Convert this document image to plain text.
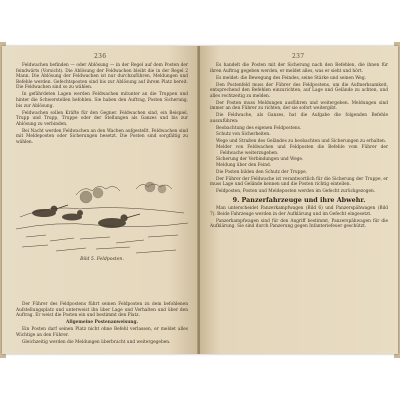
236

Feldwachen befinden — oder Ablösung — in der Regel auf dem Posten der feindwärts (Vorsicht). Die Ablösung der Feldwachen bleibt die in der Regel 2 Mann. Die Ablösung der Feldwachen ist nur durchzuführen, Meldungen und Befehle werden. Gefechtsposten sind bis zur Ablösung auf ihrem Platz bereit. Die Feldwachen sind so zu wählen.

In gefährdeten Lagen werden Feldwachen mitunter an die Truppen und hinter die Schwerstellen befohlen. Sie haben den Auftrag, Posten Sicherung, bis zur Ablösung.

Feldwachen sollen Kräfte für den Gegner. Feldwachen sind, ein Beispiel, Trupp und Trupp, Truppe oder der Stellungen als Ganzes und bis zur Ablösung zu verbinden.

Bei Nacht werden Feldwachen an den Wachen aufgestellt. Feldwachen sind mit Meldeposten oder Sicherungen besetzt. Die Posten sind sorgfältig zu wählen.

Bild 5. Feldposten.

Der Führer des Feldpostens führt seinen Feldposten zu dem befohlenen Aufstellungsplatz und unterweist ihn über Lage und Verhalten und über den Auftrag. Er weist die Posten ein und bestimmt den Platz.

Allgemeine Postenanweisung.

Ein Posten darf seinen Platz nicht ohne Befehl verlassen, er meldet alles Wichtige an den Führer.

Gleichzeitig werden die Meldungen überbracht und weitergegeben.

237

Es handelt die Posten mit der Sicherung nach den Befehlen, die ihnen für ihren Auftrag gegeben werden, er meldet alles, was er sieht und hört.

Es meldet: die Bewegung des Feindes, seine Stärke und seinen Weg.

Den Postenfeld muss der Führer des Feldpostens, um die Aufmerksamkeit, entsprechend den Befehlen einzurichten, auf Lage und Gelände zu achten, und alles rechtzeitig zu melden.

Der Posten muss Meldungen ausführen und weitergeben. Meldungen sind immer an den Führer zu richten, der sie sofort weitergibt.

Die Feldwache, als Ganzes, hat die Aufgabe die folgenden Befehle auszuführen:

Beobachtung des eigenen Feldpostens.

Schutz von Sicherheiten.

Wege und Straßen des Geländes zu beobachten und Sicherungen zu erhalten.

Melder von Feldwachen und Feldposten die Befehle vom Führer der Feldwache weiterzugeben.

Sicherung der Verbindungen und Wege.

Meldung über den Feind.

Die Posten bilden den Schutz der Truppe.

Der Führer der Feldwache ist verantwortlich für die Sicherung der Truppe, er muss Lage und Gelände kennen und die Posten richtig einteilen.

Feldposten, Posten und Meldeposten werden im Gefecht zurückgezogen.

9. Panzerfahrzeuge und ihre Abwehr.

Man unterscheidet Panzerkampfwagen (Bild 6) und Panzerspähwagen (Bild 7). Beide Fahrzeuge werden in der Aufklärung und im Gefecht eingesetzt.

Panzerkampfwagen sind für den Angriff bestimmt, Panzerspähwagen für die Aufklärung. Sie sind durch Panzerung gegen Infanteriefeuer geschützt.
